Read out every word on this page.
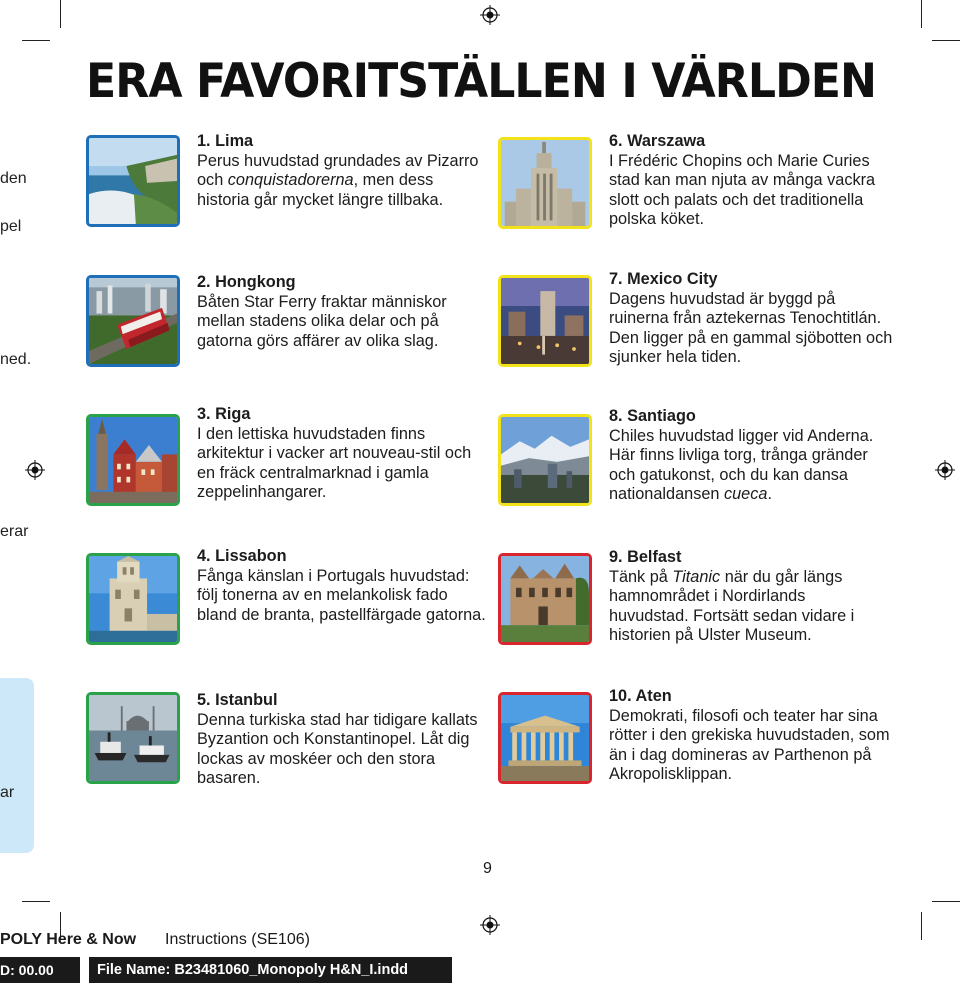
den
pel
ned.
erar
ar
ERA FAVORITSTÄLLEN I VÄRLDEN
1. Lima
Perus huvudstad grundades av Pizarro och conquistadorerna, men dess historia går mycket längre tillbaka.
2. Hongkong
Båten Star Ferry fraktar människor mellan stadens olika delar och på gatorna görs affärer av olika slag.
3. Riga
I den lettiska huvudstaden finns arkitektur i vacker art nouveau-stil och en fräck centralmarknad i gamla zeppelinhangarer.
4. Lissabon
Fånga känslan i Portugals huvudstad: följ tonerna av en melankolisk fado bland de branta, pastellfärgade gatorna.
5. Istanbul
Denna turkiska stad har tidigare kallats Byzantion och Konstantinopel. Låt dig lockas av moskéer och den stora basaren.
6. Warszawa
I Frédéric Chopins och Marie Curies stad kan man njuta av många vackra slott och palats och det traditionella polska köket.
7. Mexico City
Dagens huvudstad är byggd på ruinerna från aztekernas Tenochtitlán. Den ligger på en gammal sjöbotten och sjunker hela tiden.
8. Santiago
Chiles huvudstad ligger vid Anderna. Här finns livliga torg, trånga gränder och gatukonst, och du kan dansa nationaldansen cueca.
9. Belfast
Tänk på Titanic när du går längs hamnområdet i Nordirlands huvudstad. Fortsätt sedan vidare i historien på Ulster Museum.
10. Aten
Demokrati, filosofi och teater har sina rötter i den grekiska huvudstaden, som än i dag domineras av Parthenon på Akropolisklippan.
9
POLY Here & Now Instructions (SE106)
D: 00.00	File Name: B23481060_Monopoly H&N_I.indd
